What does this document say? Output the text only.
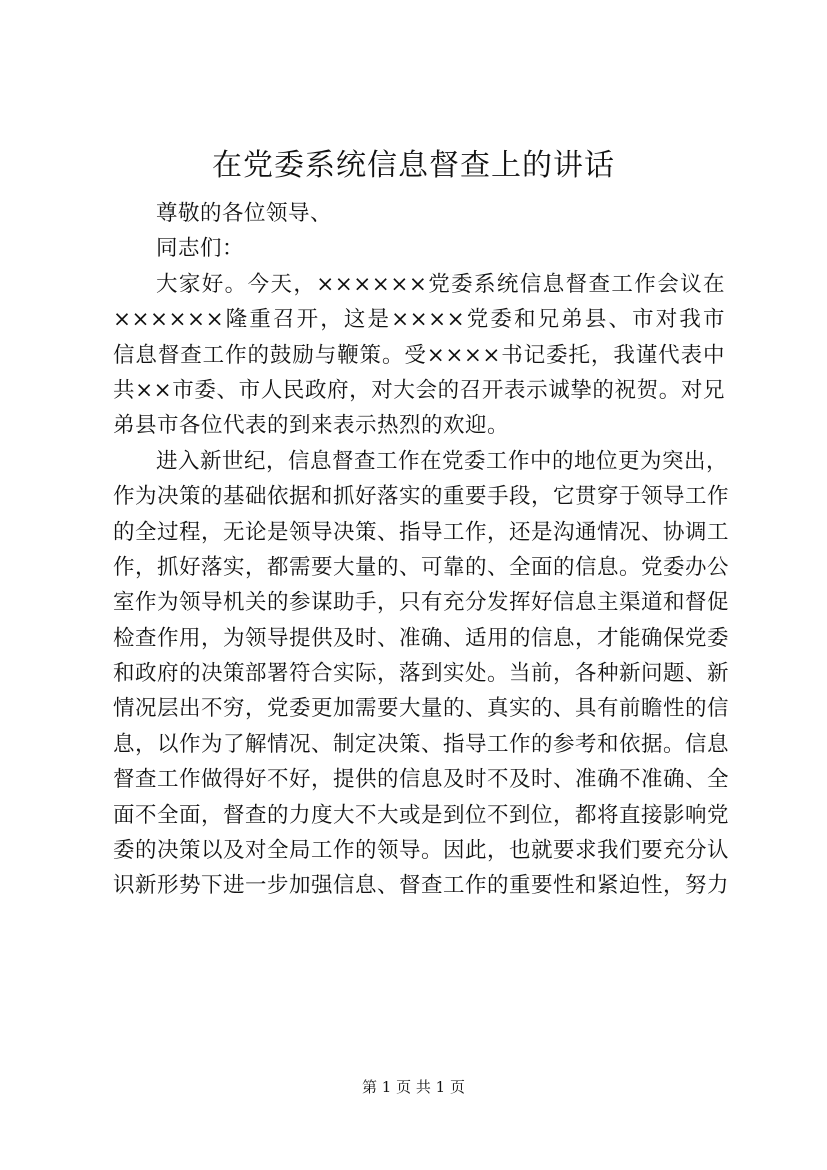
在党委系统信息督查上的讲话
尊敬的各位领导、
同志们：
大家好。今天，××××××党委系统信息督查工作会议在
××××××隆重召开，这是××××党委和兄弟县、市对我市
信息督查工作的鼓励与鞭策。受××××书记委托，我谨代表中
共××市委、市人民政府，对大会的召开表示诚挚的祝贺。对兄
弟县市各位代表的到来表示热烈的欢迎。
进入新世纪，信息督查工作在党委工作中的地位更为突出，
作为决策的基础依据和抓好落实的重要手段，它贯穿于领导工作
的全过程，无论是领导决策、指导工作，还是沟通情况、协调工
作，抓好落实，都需要大量的、可靠的、全面的信息。党委办公
室作为领导机关的参谋助手，只有充分发挥好信息主渠道和督促
检查作用，为领导提供及时、准确、适用的信息，才能确保党委
和政府的决策部署符合实际，落到实处。当前，各种新问题、新
情况层出不穷，党委更加需要大量的、真实的、具有前瞻性的信
息，以作为了解情况、制定决策、指导工作的参考和依据。信息
督查工作做得好不好，提供的信息及时不及时、准确不准确、全
面不全面，督查的力度大不大或是到位不到位，都将直接影响党
委的决策以及对全局工作的领导。因此，也就要求我们要充分认
识新形势下进一步加强信息、督查工作的重要性和紧迫性，努力
第 1 页 共 1 页
